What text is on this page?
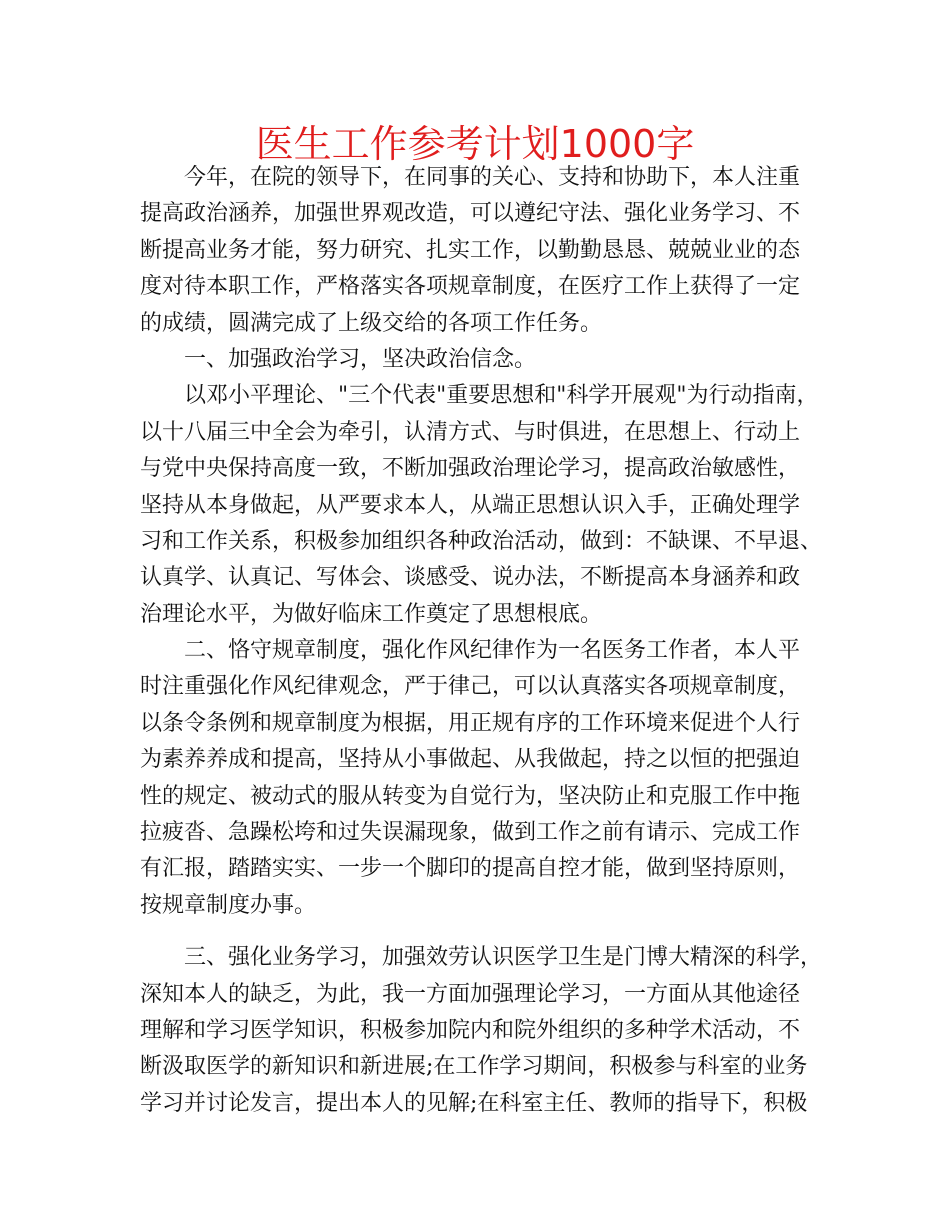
医生工作参考计划1000字
今年，在院的领导下，在同事的关心、支持和协助下，本人注重
提高政治涵养，加强世界观改造，可以遵纪守法、强化业务学习、不
断提高业务才能，努力研究、扎实工作，以勤勤恳恳、兢兢业业的态
度对待本职工作，严格落实各项规章制度，在医疗工作上获得了一定
的成绩，圆满完成了上级交给的各项工作任务。
一、加强政治学习，坚决政治信念。
以邓小平理论、"三个代表"重要思想和"科学开展观"为行动指南，
以十八届三中全会为牵引，认清方式、与时俱进，在思想上、行动上
与党中央保持高度一致，不断加强政治理论学习，提高政治敏感性，
坚持从本身做起，从严要求本人，从端正思想认识入手，正确处理学
习和工作关系，积极参加组织各种政治活动，做到：不缺课、不早退、
认真学、认真记、写体会、谈感受、说办法，不断提高本身涵养和政
治理论水平，为做好临床工作奠定了思想根底。
二、恪守规章制度，强化作风纪律作为一名医务工作者，本人平
时注重强化作风纪律观念，严于律己，可以认真落实各项规章制度，
以条令条例和规章制度为根据，用正规有序的工作环境来促进个人行
为素养养成和提高，坚持从小事做起、从我做起，持之以恒的把强迫
性的规定、被动式的服从转变为自觉行为，坚决防止和克服工作中拖
拉疲沓、急躁松垮和过失误漏现象，做到工作之前有请示、完成工作
有汇报，踏踏实实、一步一个脚印的提高自控才能，做到坚持原则，
按规章制度办事。
三、强化业务学习，加强效劳认识医学卫生是门博大精深的科学，
深知本人的缺乏，为此，我一方面加强理论学习，一方面从其他途径
理解和学习医学知识，积极参加院内和院外组织的多种学术活动，不
断汲取医学的新知识和新进展;在工作学习期间，积极参与科室的业务
学习并讨论发言，提出本人的见解;在科室主任、教师的指导下，积极
